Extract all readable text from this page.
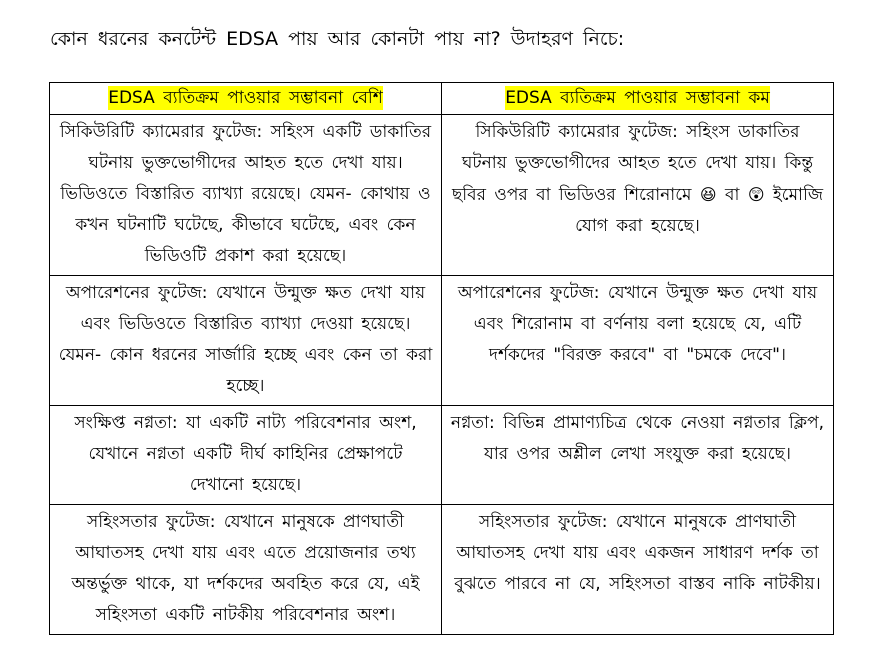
কোন ধরনের কনটেন্ট EDSA পায় আর কোনটা পায় না? উদাহরণ নিচে:
EDSA ব্যতিক্রম পাওয়ার সম্ভাবনা বেশি	EDSA ব্যতিক্রম পাওয়ার সম্ভাবনা কম
সিকিউরিটি ক্যামেরার ফুটেজ: সহিংস একটি ডাকাতির ঘটনায় ভুক্তভোগীদের আহত হতে দেখা যায়। ভিডিওতে বিস্তারিত ব্যাখ্যা রয়েছে। যেমন- কোথায় ও কখন ঘটনাটি ঘটেছে, কীভাবে ঘটেছে, এবং কেন ভিডিওটি প্রকাশ করা হয়েছে।	সিকিউরিটি ক্যামেরার ফুটেজ: সহিংস ডাকাতির ঘটনায় ভুক্তভোগীদের আহত হতে দেখা যায়। কিন্তু ছবির ওপর বা ভিডিওর শিরোনামে 😆 বা 😲 ইমোজি যোগ করা হয়েছে।
অপারেশনের ফুটেজ: যেখানে উন্মুক্ত ক্ষত দেখা যায় এবং ভিডিওতে বিস্তারিত ব্যাখ্যা দেওয়া হয়েছে। যেমন- কোন ধরনের সার্জারি হচ্ছে এবং কেন তা করা হচ্ছে।	অপারেশনের ফুটেজ: যেখানে উন্মুক্ত ক্ষত দেখা যায় এবং শিরোনাম বা বর্ণনায় বলা হয়েছে যে, এটি দর্শকদের "বিরক্ত করবে" বা "চমকে দেবে"।
সংক্ষিপ্ত নগ্নতা: যা একটি নাট্য পরিবেশনার অংশ, যেখানে নগ্নতা একটি দীর্ঘ কাহিনির প্রেক্ষাপটে দেখানো হয়েছে।	নগ্নতা: বিভিন্ন প্রামাণ্যচিত্র থেকে নেওয়া নগ্নতার ক্লিপ, যার ওপর অশ্লীল লেখা সংযুক্ত করা হয়েছে।
সহিংসতার ফুটেজ: যেখানে মানুষকে প্রাণঘাতী আঘাতসহ দেখা যায় এবং এতে প্রয়োজনার তথ্য অন্তর্ভুক্ত থাকে, যা দর্শকদের অবহিত করে যে, এই সহিংসতা একটি নাটকীয় পরিবেশনার অংশ।	সহিংসতার ফুটেজ: যেখানে মানুষকে প্রাণঘাতী আঘাতসহ দেখা যায় এবং একজন সাধারণ দর্শক তা বুঝতে পারবে না যে, সহিংসতা বাস্তব নাকি নাটকীয়।
